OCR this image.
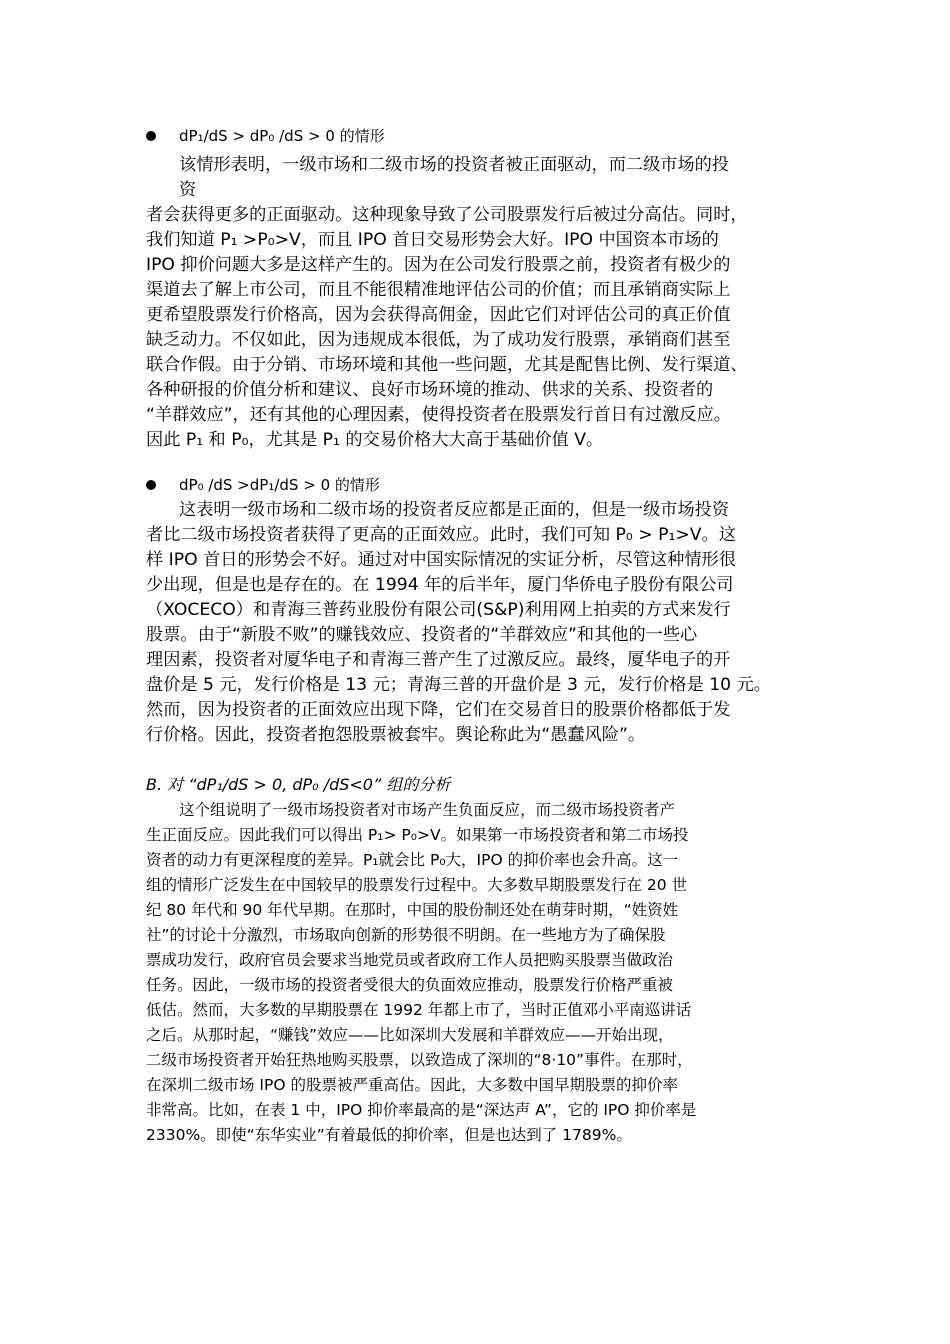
dP₁/dS > dP₀ /dS > 0 的情形
该情形表明，一级市场和二级市场的投资者被正面驱动，而二级市场的投
资
者会获得更多的正面驱动。这种现象导致了公司股票发行后被过分高估。同时，
我们知道 P₁ >P₀>V，而且 IPO 首日交易形势会大好。IPO 中国资本市场的
IPO 抑价问题大多是这样产生的。因为在公司发行股票之前，投资者有极少的
渠道去了解上市公司，而且不能很精准地评估公司的价值；而且承销商实际上
更希望股票发行价格高，因为会获得高佣金，因此它们对评估公司的真正价值
缺乏动力。不仅如此，因为违规成本很低，为了成功发行股票，承销商们甚至
联合作假。由于分销、市场环境和其他一些问题，尤其是配售比例、发行渠道、
各种研报的价值分析和建议、良好市场环境的推动、供求的关系、投资者的
“羊群效应”，还有其他的心理因素，使得投资者在股票发行首日有过激反应。
因此 P₁ 和 P₀，尤其是 P₁ 的交易价格大大高于基础价值 V。
dP₀ /dS >dP₁/dS > 0 的情形
这表明一级市场和二级市场的投资者反应都是正面的，但是一级市场投资
者比二级市场投资者获得了更高的正面效应。此时，我们可知 P₀ > P₁>V。这
样 IPO 首日的形势会不好。通过对中国实际情况的实证分析，尽管这种情形很
少出现，但是也是存在的。在 1994 年的后半年，厦门华侨电子股份有限公司
（XOCECO）和青海三普药业股份有限公司(S&P)利用网上拍卖的方式来发行
股票。由于“新股不败”的赚钱效应、投资者的“羊群效应”和其他的一些心
理因素，投资者对厦华电子和青海三普产生了过激反应。最终，厦华电子的开
盘价是 5 元，发行价格是 13 元；青海三普的开盘价是 3 元，发行价格是 10 元。
然而，因为投资者的正面效应出现下降，它们在交易首日的股票价格都低于发
行价格。因此，投资者抱怨股票被套牢。舆论称此为“愚蠢风险”。
B. 对 “dP₁/dS > 0, dP₀ /dS<0” 组的分析
这个组说明了一级市场投资者对市场产生负面反应，而二级市场投资者产
生正面反应。因此我们可以得出 P₁> P₀>V。如果第一市场投资者和第二市场投
资者的动力有更深程度的差异。P₁就会比 P₀大，IPO 的抑价率也会升高。这一
组的情形广泛发生在中国较早的股票发行过程中。大多数早期股票发行在 20 世
纪 80 年代和 90 年代早期。在那时，中国的股份制还处在萌芽时期，“姓资姓
社”的讨论十分激烈，市场取向创新的形势很不明朗。在一些地方为了确保股
票成功发行，政府官员会要求当地党员或者政府工作人员把购买股票当做政治
任务。因此，一级市场的投资者受很大的负面效应推动，股票发行价格严重被
低估。然而，大多数的早期股票在 1992 年都上市了，当时正值邓小平南巡讲话
之后。从那时起，“赚钱”效应——比如深圳大发展和羊群效应——开始出现，
二级市场投资者开始狂热地购买股票，以致造成了深圳的“8·10”事件。在那时，
在深圳二级市场 IPO 的股票被严重高估。因此，大多数中国早期股票的抑价率
非常高。比如，在表 1 中，IPO 抑价率最高的是“深达声 A”，它的 IPO 抑价率是
2330%。即使“东华实业”有着最低的抑价率，但是也达到了 1789%。
